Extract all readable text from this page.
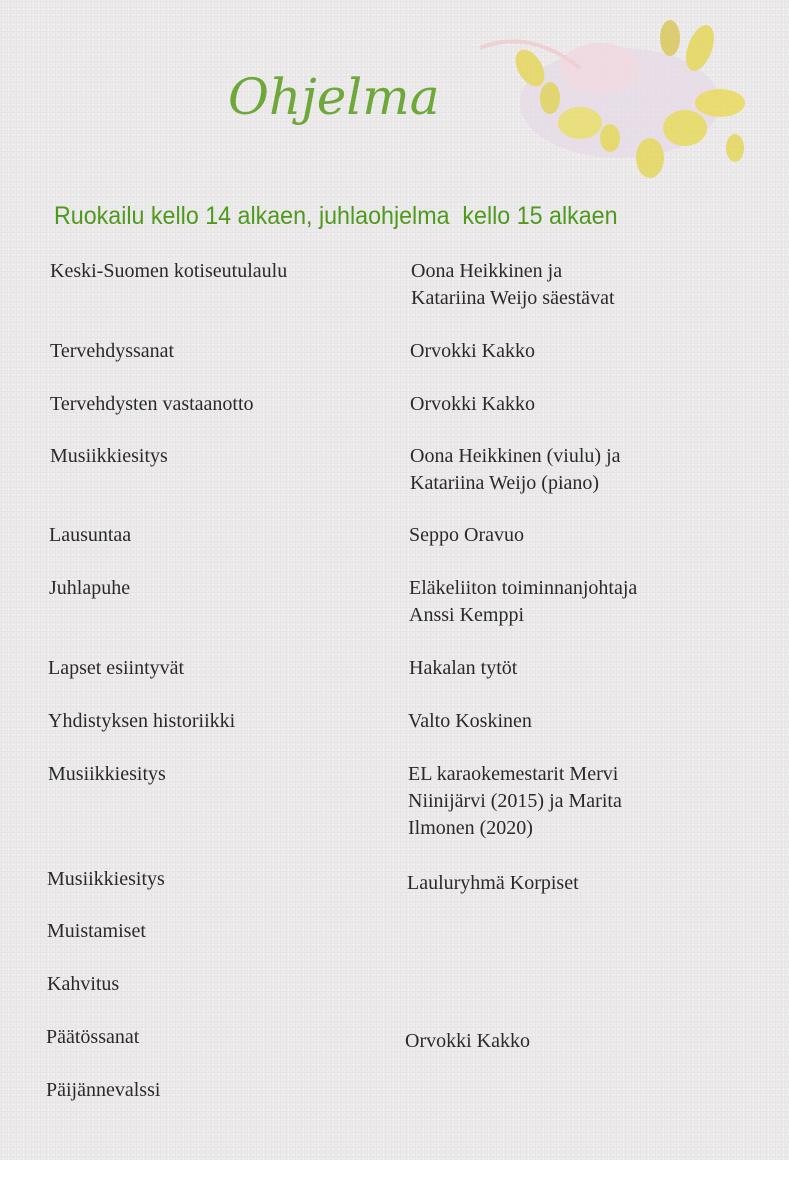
Ohjelma
Ruokailu kello 14 alkaen, juhlaohjelma  kello 15 alkaen
Keski-Suomen kotiseutulaulu	Oona Heikkinen ja
Katariina Weijo säestävat
Tervehdyssanat	Orvokki Kakko
Tervehdysten vastaanotto	Orvokki Kakko
Musiikkiesitys	Oona Heikkinen (viulu) ja
Katariina Weijo (piano)
Lausuntaa	Seppo Oravuo
Juhlapuhe	Eläkeliiton toiminnanjohtaja
Anssi Kemppi
Lapset esiintyvät	Hakalan tytöt
Yhdistyksen historiikki	Valto Koskinen
Musiikkiesitys	EL karaokemestarit Mervi
Niinijärvi (2015) ja Marita
Ilmonen (2020)
Musiikkiesitys	Lauluryhmä Korpiset
Muistamiset
Kahvitus
Päätössanat	Orvokki Kakko
Päijännevalssi
